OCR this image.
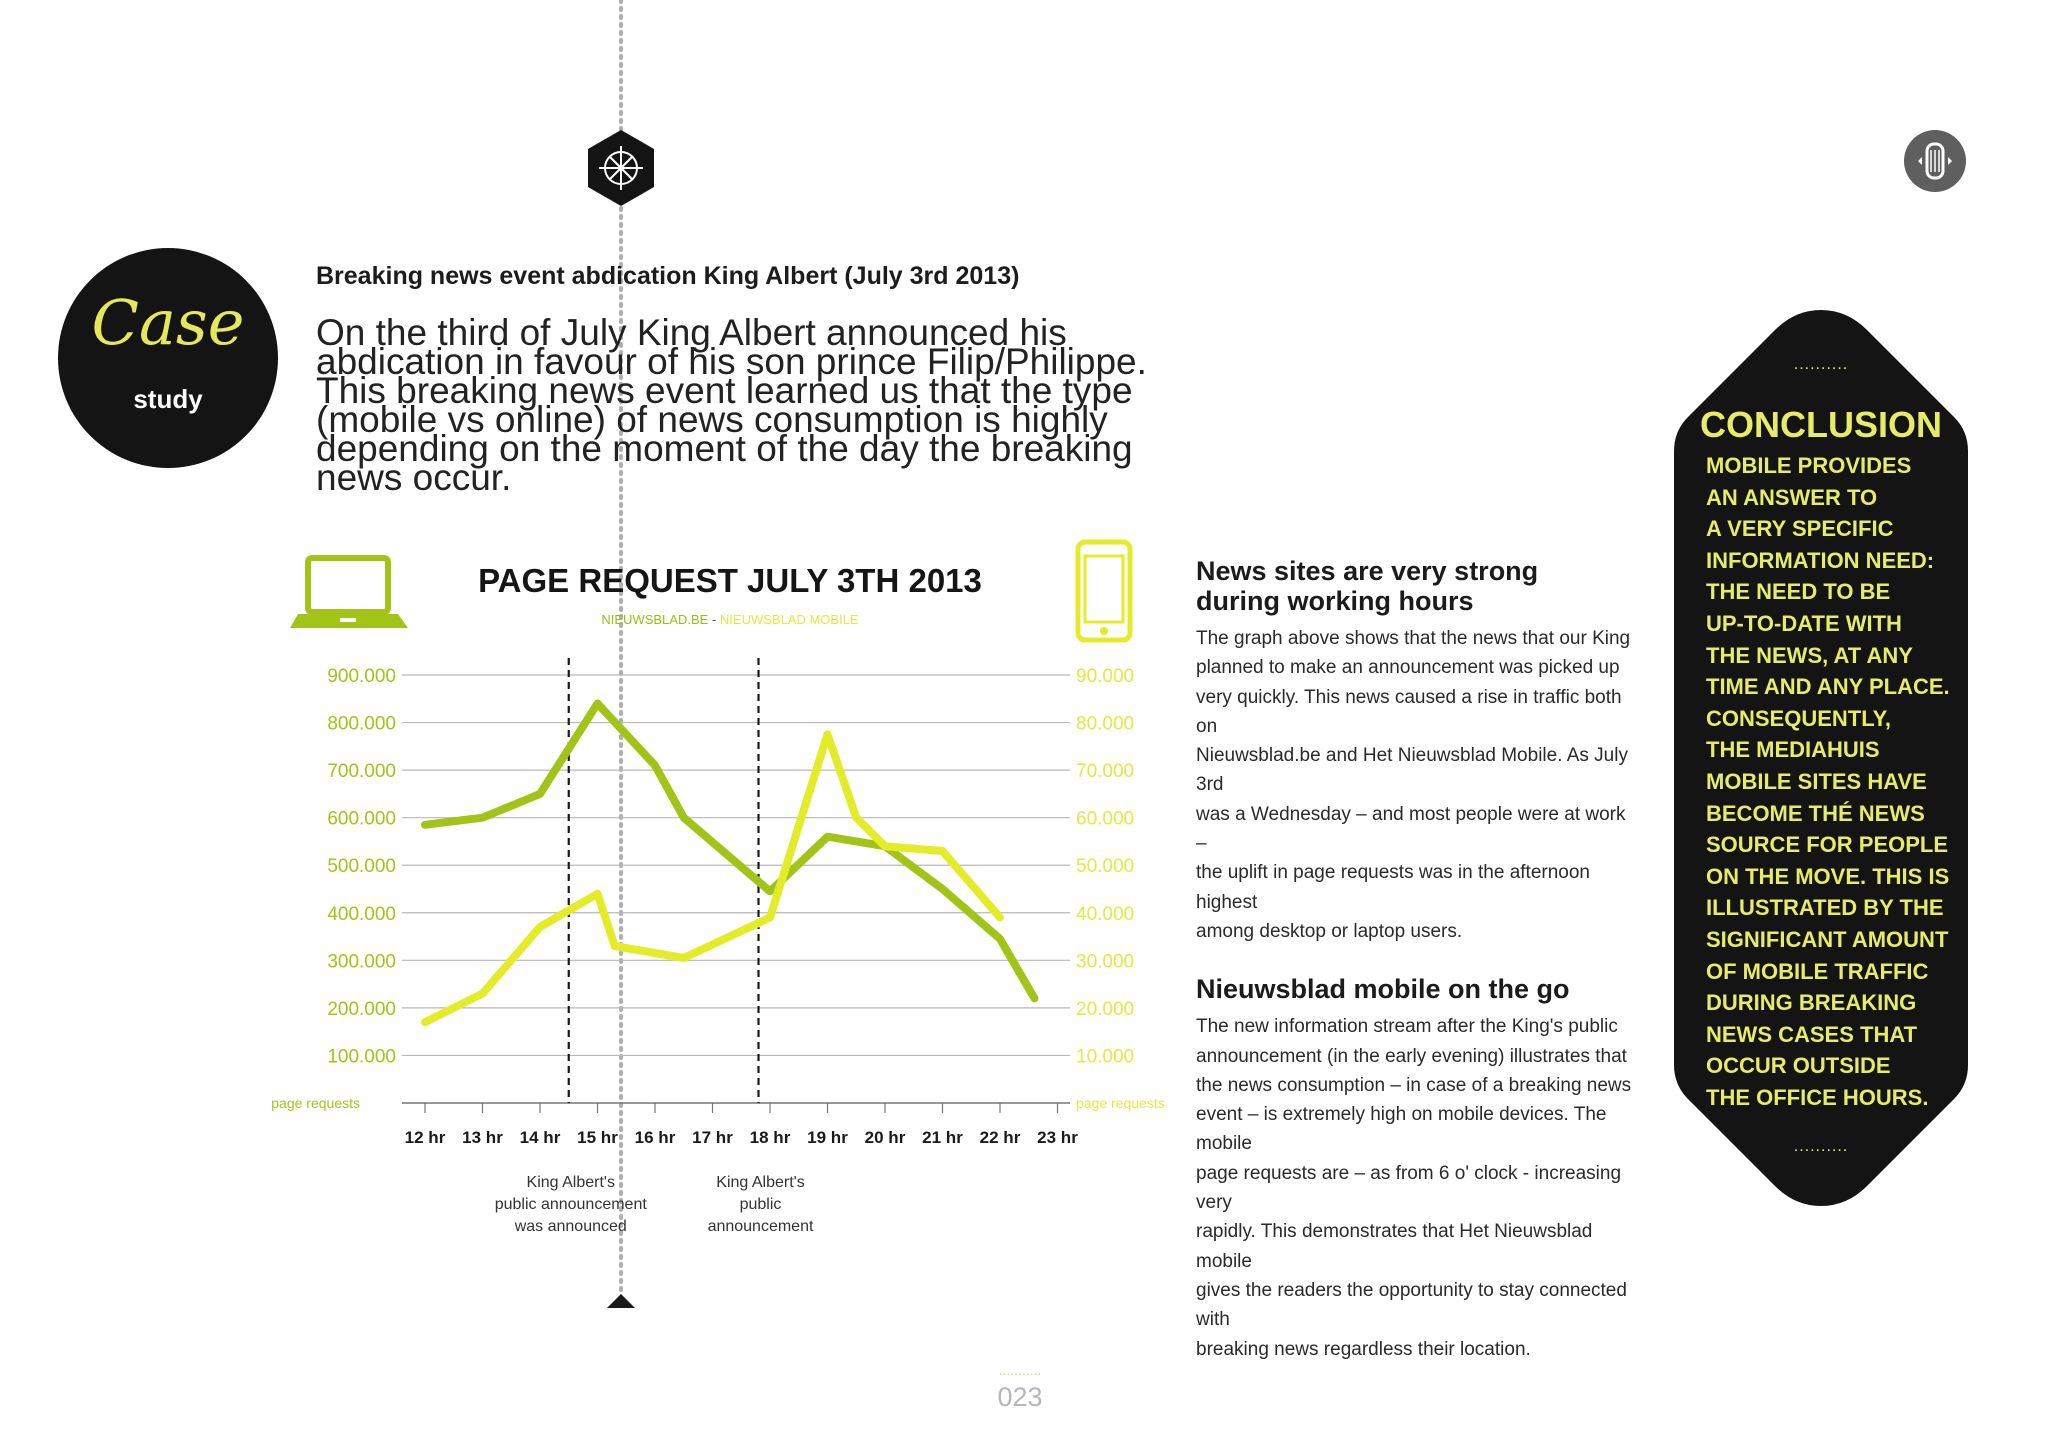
Case
study
Breaking news event abdication King Albert (July 3rd 2013)
On the third of July King Albert announced his abdication in favour of his son prince Filip/Philippe. This breaking news event learned us that the type (mobile vs online) of news consumption is highly depending on the moment of the day the breaking news occur.
PAGE REQUEST JULY 3TH 2013
NIEUWSBLAD.BE - NIEUWSBLAD MOBILE
900.000	90.000
800.000	80.000
700.000	70.000
600.000	60.000
500.000	50.000
400.000	40.000
300.000	30.000
200.000	20.000
100.000	10.000
page requests	page requests
12 hr 13 hr 14 hr 15 hr 16 hr 17 hr 18 hr 19 hr 20 hr 21 hr 22 hr 23 hr
King Albert's
public announcement
was announced
King Albert's
public
announcement
News sites are very strong
during working hours
The graph above shows that the news that our King
planned to make an announcement was picked up
very quickly. This news caused a rise in traffic both on
Nieuwsblad.be and Het Nieuwsblad Mobile. As July 3rd
was a Wednesday – and most people were at work –
the uplift in page requests was in the afternoon highest
among desktop or laptop users.
Nieuwsblad mobile on the go
The new information stream after the King's public
announcement (in the early evening) illustrates that
the news consumption – in case of a breaking news
event – is extremely high on mobile devices. The mobile
page requests are – as from 6 o' clock - increasing very
rapidly. This demonstrates that Het Nieuwsblad mobile
gives the readers the opportunity to stay connected with
breaking news regardless their location.
..........
CONCLUSION
MOBILE PROVIDES
AN ANSWER TO
A VERY SPECIFIC
INFORMATION NEED:
THE NEED TO BE
UP-TO-DATE WITH
THE NEWS, AT ANY
TIME AND ANY PLACE.
CONSEQUENTLY,
THE MEDIAHUIS
MOBILE SITES HAVE
BECOME THÉ NEWS
SOURCE FOR PEOPLE
ON THE MOVE. THIS IS
ILLUSTRATED BY THE
SIGNIFICANT AMOUNT
OF MOBILE TRAFFIC
DURING BREAKING
NEWS CASES THAT
OCCUR OUTSIDE
THE OFFICE HOURS.
..........
...........
023
